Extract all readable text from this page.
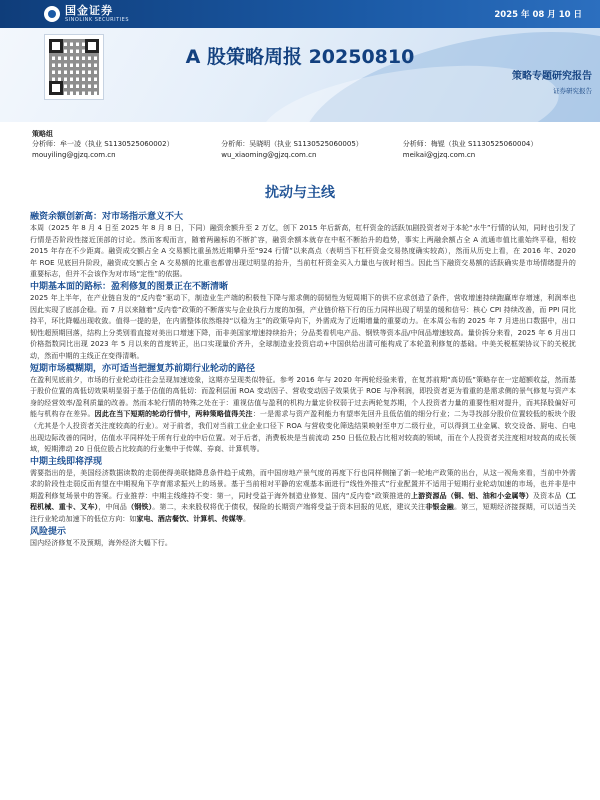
国金证券
SINOLINK SECURITIES	2025 年 08 月 10 日
A 股策略周报 20250810
策略专题研究报告
证券研究报告
策略组
分析师：牟一凌（执业 S1130525060002）
mouyiling@gjzq.com.cn
分析师：吴晓明（执业 S1130525060005）
wu_xiaoming@gjzq.com.cn
分析师：梅锟（执业 S1130525060004）
meikai@gjzq.com.cn
扰动与主线
融资余额创新高：对市场指示意义不大

本周（2025 年 8 月 4 日至 2025 年 8 月 8 日，下同）融资余额升至 2 万亿，创下 2015 年后新高，杠杆资金的活跃加剧投资者对于本轮“水牛”行情的认知，同时也引发了行情是否阶段性接近顶部的讨论。然而客观而言，随着两融标的不断扩容，融资余额本就存在中枢不断抬升的趋势，事实上两融余额占全 A 流通市值比重始终平稳，相较 2015 年存在不少距离。融资成交额占全 A 交易额比重虽然近期攀升至“924 行情”以来高点（表明当下杠杆资金交易热度确实较高），然而从历史上看，在 2016 年、2020 年 ROE 见底回升阶段，融资成交额占全 A 交易额的比重也都曾出现过明显的抬升，当前杠杆资金买入力量也与彼时相当。因此当下融资交易额的活跃确实是市场情绪提升的重要标志，但并不会该作为对市场“定性”的依据。

中期基本面的路标：盈利修复的图景正在不断清晰

2025 年上半年，在产业链自发的“反内卷”驱动下，制造业生产端的积极性下降与需求侧的弱韧性为短周期下的供不应求创造了条件，营收增速持续跑赢库存增速，利润率也因此实现了底部企稳。而 7 月以来随着“反内卷”政策的不断落实与企业执行力度的加强，产业链价格下行的压力同样出现了明显的缓和信号：核心 CPI 持续改善，而 PPI 同比持平，环比降幅出现收敛。值得一提的是，在内需整体依然维持“以稳为主”的政策导向下，外需成为了近期增量的重要动力。在本周公布的 2025 年 7 月进出口数据中，出口韧性超预期回落，结构上分类别看直接对美出口增速下降，而非美国家增速持续抬升；分品类看机电产品、钢铁等资本品/中间品增速较高。量价拆分来看，2025 年 6 月出口价格指数同比出现 2023 年 5 月以来的首度转正，出口实现量价齐升，全球制造业投资启动+中国供给出清可能构成了本轮盈利修复的基础。中美关税框架协议下的关税扰动，然而中期的主线正在变得清晰。

短期市场模糊期，亦可适当把握复苏前期行业轮动的路径

在盈利见底前夕，市场的行业轮动往往会呈现加速迹象，这期亦呈现类似特征。参考 2016 年与 2020 年两轮经验来看，在复苏前期“高切低”策略存在一定超额收益，然而基于股价位置的高低切效果明显弱于基于估值的高低切：而盈利层面 ROA 变动因子、营收变动因子效果优于 ROE 与净利润，即投资者更为看重的是需求侧的景气修复与资产本身的经营效率/盈利质量的改善。然而本轮行情的特殊之处在于：重视估值与盈利的机构力量定价权弱于过去两轮复苏期，个人投资者力量的重要性相对提升，而其择股偏好可能与机构存在差异。因此在当下短期的轮动行情中，两种策略值得关注：一是需求与资产盈利能力有望率先回升且低估值的细分行业；二为寻找部分股价位置较低的板块个股（尤其是个人投资者关注度较高的行业）。对于前者，我们对当前工业企业口径下 ROA 与营收变化筛选结果映射至申万二级行业，可以得到工业金属、软交设备、厨电、白电出现边际改善的同时，估值水平同样处于所有行业的中后位置。对于后者，消费板块是当前流动 250 日低位股占比相对较高的领域，而在个人投资者关注度相对较高的成长领域，短期滞动 20 日低位股占比较高的行业集中于传媒、券商、计算机等。

中期主线即将浮现

需要指出的是，美国经济数据读数的走弱使得美联储降息条件趋于成熟，而中国房地产景气度的再度下行也同样侧撞了新一轮地产政策的出台，从这一视角来看，当前中外需求的阶段性走弱反而有望在中期视角下孕育需求振兴上的场景。基于当前相对平静的宏观基本面进行“线性外推式”行业配置并不适用于短期行业轮动加速的市场，也并非是中期盈利修复场景中的答案。行业推荐：中期主线维持不变：第一，同时受益于海外制造业修复、国内“反内卷”政策推进的上游资源品（铜、铝、油和小金属等）及资本品（工程机械、重卡、叉车），中间品（钢铁）。第二，未来股权将优于债权，保险的长期资产端将受益于资本回报的见底，建议关注非银金融。第三，短期经济接探期，可以适当关注行业轮动加速下的低位方向：如家电、酒店餐饮、计算机、传媒等。

风险提示

国内经济修复不及预期，海外经济大幅下行。
